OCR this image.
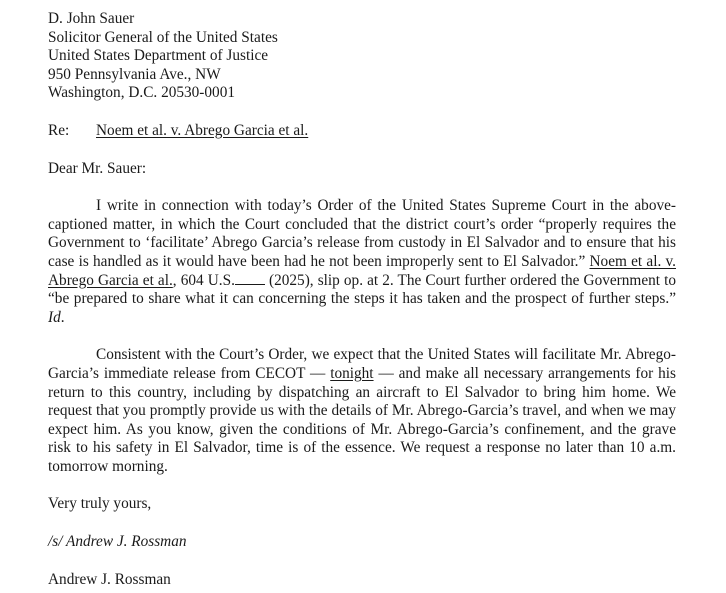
D. John Sauer
Solicitor General of the United States
United States Department of Justice
950 Pennsylvania Ave., NW
Washington, D.C. 20530-0001
Re:	Noem et al. v. Abrego Garcia et al.
Dear Mr. Sauer:

I write in connection with today’s Order of the United States Supreme Court in the above-captioned matter, in which the Court concluded that the district court’s order “properly requires the Government to ‘facilitate’ Abrego Garcia’s release from custody in El Salvador and to ensure that his case is handled as it would have been had he not been improperly sent to El Salvador.” Noem et al. v. Abrego Garcia et al., 604 U.S. (2025), slip op. at 2. The Court further ordered the Government to “be prepared to share what it can concerning the steps it has taken and the prospect of further steps.” Id.

Consistent with the Court’s Order, we expect that the United States will facilitate Mr. Abrego-Garcia’s immediate release from CECOT — tonight — and make all necessary arrangements for his return to this country, including by dispatching an aircraft to El Salvador to bring him home. We request that you promptly provide us with the details of Mr. Abrego-Garcia’s travel, and when we may expect him. As you know, given the conditions of Mr. Abrego-Garcia’s confinement, and the grave risk to his safety in El Salvador, time is of the essence. We request a response no later than 10 a.m. tomorrow morning.

Very truly yours,
/s/ Andrew J. Rossman
Andrew J. Rossman
